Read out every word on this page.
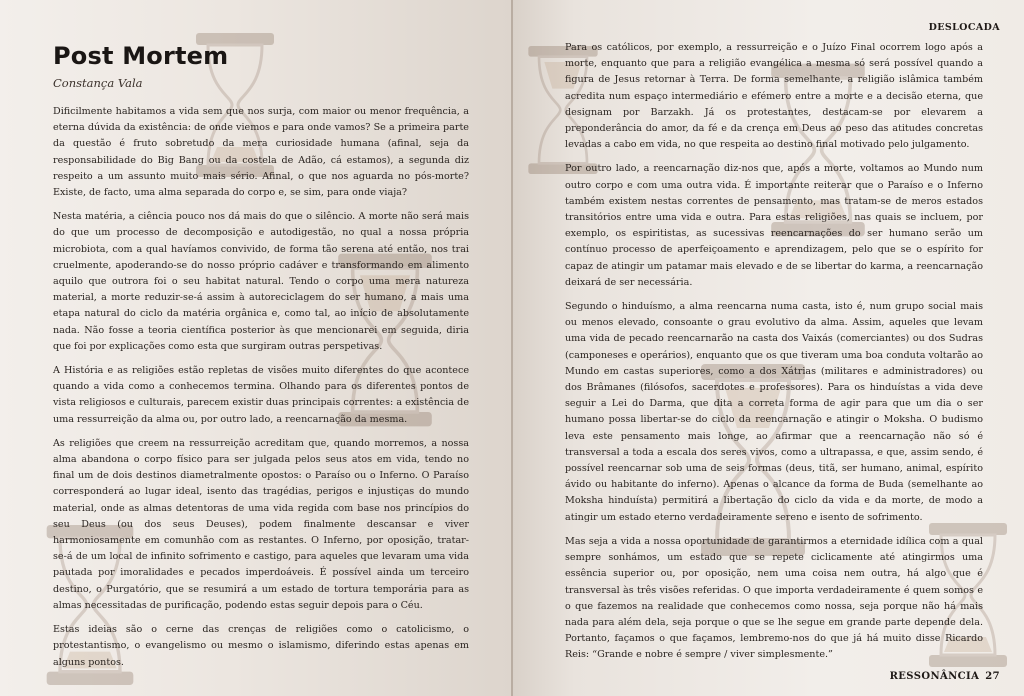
Post Mortem
Constança Vala

Dificilmente habitamos a vida sem que nos surja, com maior ou menor frequência, a eterna dúvida da existência: de onde viemos e para onde vamos? Se a primeira parte da questão é fruto sobretudo da mera curiosidade humana (afinal, seja da responsabilidade do Big Bang ou da costela de Adão, cá estamos), a segunda diz respeito a um assunto muito mais sério. Afinal, o que nos aguarda no pós-morte? Existe, de facto, uma alma separada do corpo e, se sim, para onde viaja?

Nesta matéria, a ciência pouco nos dá mais do que o silêncio. A morte não será mais do que um processo de decomposição e autodigestão, no qual a nossa própria microbiota, com a qual havíamos convivido, de forma tão serena até então, nos trai cruelmente, apoderando-se do nosso próprio cadáver e transformando em alimento aquilo que outrora foi o seu habitat natural. Tendo o corpo uma mera natureza material, a morte reduzir-se-á assim à autoreciclagem do ser humano, a mais uma etapa natural do ciclo da matéria orgânica e, como tal, ao início de absolutamente nada. Não fosse a teoria científica posterior às que mencionarei em seguida, diria que foi por explicações como esta que surgiram outras perspetivas.

A História e as religiões estão repletas de visões muito diferentes do que acontece quando a vida como a conhecemos termina. Olhando para os diferentes pontos de vista religiosos e culturais, parecem existir duas principais correntes: a existência de uma ressurreição da alma ou, por outro lado, a reencarnação da mesma.

As religiões que creem na ressurreição acreditam que, quando morremos, a nossa alma abandona o corpo físico para ser julgada pelos seus atos em vida, tendo no final um de dois destinos diametralmente opostos: o Paraíso ou o Inferno. O Paraíso corresponderá ao lugar ideal, isento das tragédias, perigos e injustiças do mundo material, onde as almas detentoras de uma vida regida com base nos princípios do seu Deus (ou dos seus Deuses), podem finalmente descansar e viver harmoniosamente em comunhão com as restantes. O Inferno, por oposição, tratar-se-á de um local de infinito sofrimento e castigo, para aqueles que levaram uma vida pautada por imoralidades e pecados imperdoáveis. É possível ainda um terceiro destino, o Purgatório, que se resumirá a um estado de tortura temporária para as almas necessitadas de purificação, podendo estas seguir depois para o Céu.

Estas ideias são o cerne das crenças de religiões como o catolicismo, o protestantismo, o evangelismo ou mesmo o islamismo, diferindo estas apenas em alguns pontos.

DESLOCADA

Para os católicos, por exemplo, a ressurreição e o Juízo Final ocorrem logo após a morte, enquanto que para a religião evangélica a mesma só será possível quando a figura de Jesus retornar à Terra. De forma semelhante, a religião islâmica também acredita num espaço intermediário e efémero entre a morte e a decisão eterna, que designam por Barzakh. Já os protestantes, destacam-se por elevarem a preponderância do amor, da fé e da crença em Deus ao peso das atitudes concretas levadas a cabo em vida, no que respeita ao destino final motivado pelo julgamento.

Por outro lado, a reencarnação diz-nos que, após a morte, voltamos ao Mundo num outro corpo e com uma outra vida. É importante reiterar que o Paraíso e o Inferno também existem nestas correntes de pensamento, mas tratam-se de meros estados transitórios entre uma vida e outra. Para estas religiões, nas quais se incluem, por exemplo, os espiritistas, as sucessivas reencarnações do ser humano serão um contínuo processo de aperfeiçoamento e aprendizagem, pelo que se o espírito for capaz de atingir um patamar mais elevado e de se libertar do karma, a reencarnação deixará de ser necessária.

Segundo o hinduísmo, a alma reencarna numa casta, isto é, num grupo social mais ou menos elevado, consoante o grau evolutivo da alma. Assim, aqueles que levam uma vida de pecado reencarnarão na casta dos Vaixás (comerciantes) ou dos Sudras (camponeses e operários), enquanto que os que tiveram uma boa conduta voltarão ao Mundo em castas superiores, como a dos Xátrias (militares e administradores) ou dos Brâmanes (filósofos, sacerdotes e professores). Para os hinduístas a vida deve seguir a Lei do Darma, que dita a correta forma de agir para que um dia o ser humano possa libertar-se do ciclo da reencarnação e atingir o Moksha. O budismo leva este pensamento mais longe, ao afirmar que a reencarnação não só é transversal a toda a escala dos seres vivos, como a ultrapassa, e que, assim sendo, é possível reencarnar sob uma de seis formas (deus, titã, ser humano, animal, espírito ávido ou habitante do inferno). Apenas o alcance da forma de Buda (semelhante ao Moksha hinduísta) permitirá a libertação do ciclo da vida e da morte, de modo a atingir um estado eterno verdadeiramente sereno e isento de sofrimento.

Mas seja a vida a nossa oportunidade de garantirmos a eternidade idílica com a qual sempre sonhámos, um estado que se repete ciclicamente até atingirmos uma essência superior ou, por oposição, nem uma coisa nem outra, há algo que é transversal às três visões referidas. O que importa verdadeiramente é quem somos e o que fazemos na realidade que conhecemos como nossa, seja porque não há mais nada para além dela, seja porque o que se lhe segue em grande parte depende dela. Portanto, façamos o que façamos, lembremo-nos do que já há muito disse Ricardo Reis: “Grande e nobre é sempre / viver simplesmente.”

RESSONÂNCIA 27
